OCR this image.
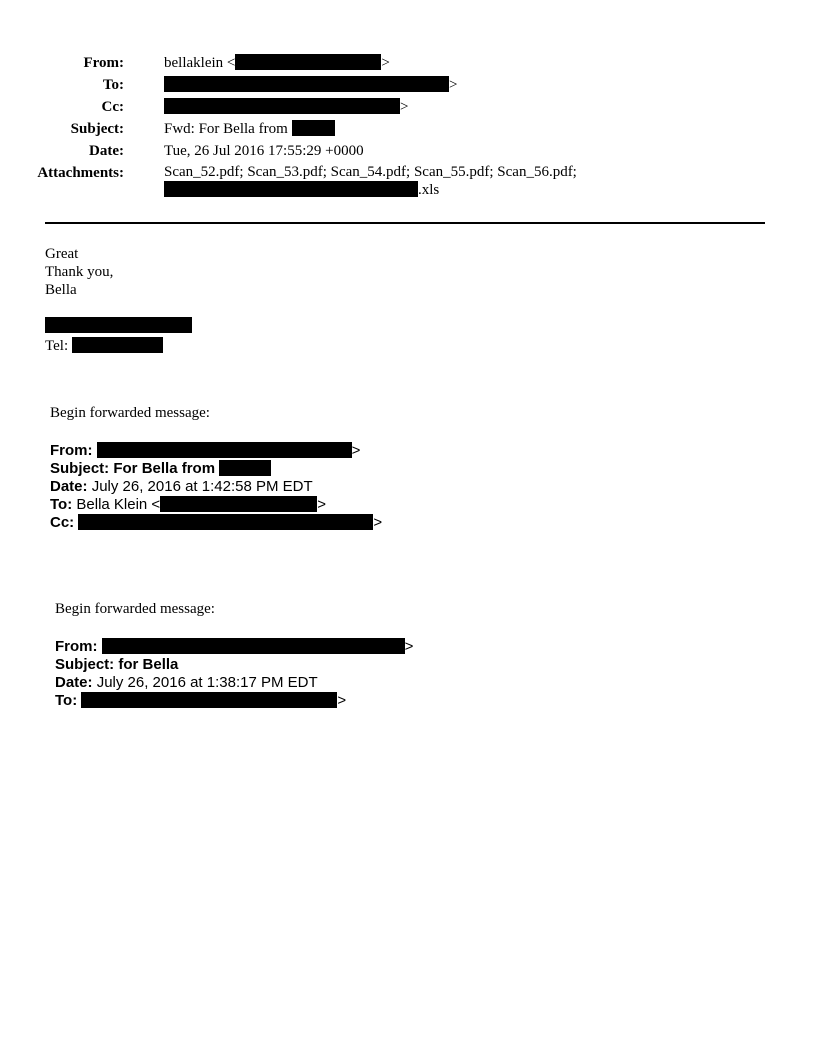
From:	bellaklein <	>
To:	>
Cc:	>
Subject:	Fwd: For Bella from
Date:	Tue, 26 Jul 2016 17:55:29 +0000
Attachments:	Scan_52.pdf; Scan_53.pdf; Scan_54.pdf; Scan_55.pdf; Scan_56.pdf;
.xls
Great
Thank you,
Bella
Tel:
Begin forwarded message:
From:	>
Subject: For Bella from
Date: July 26, 2016 at 1:42:58 PM EDT
To: Bella Klein <	>
Cc:	>
Begin forwarded message:
From:	>
Subject: for Bella
Date: July 26, 2016 at 1:38:17 PM EDT
To:	>
